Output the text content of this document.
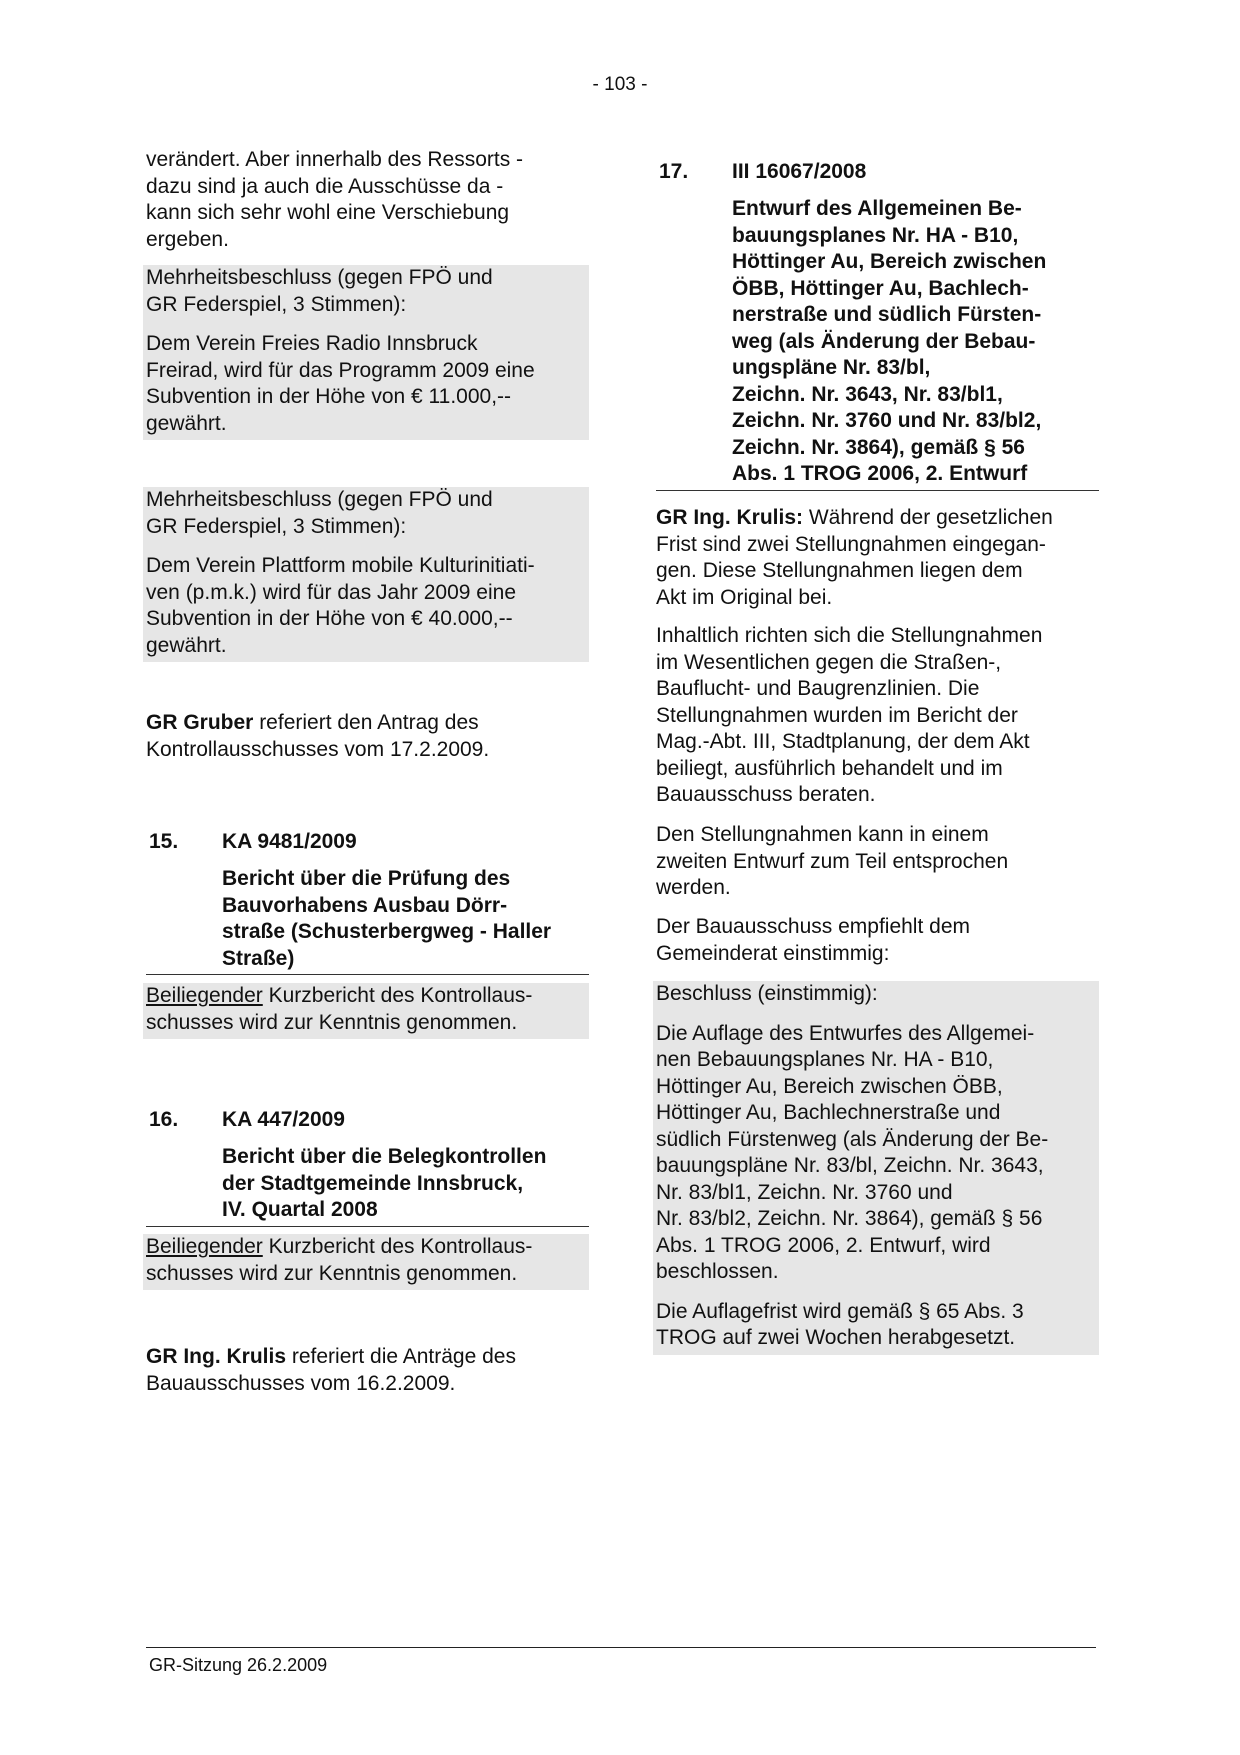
- 103 -
verändert. Aber innerhalb des Ressorts -
dazu sind ja auch die Ausschüsse da -
kann sich sehr wohl eine Verschiebung
ergeben.

Mehrheitsbeschluss (gegen FPÖ und
GR Federspiel, 3 Stimmen):

Dem Verein Freies Radio Innsbruck
Freirad, wird für das Programm 2009 eine
Subvention in der Höhe von € 11.000,--
gewährt.

Mehrheitsbeschluss (gegen FPÖ und
GR Federspiel, 3 Stimmen):

Dem Verein Plattform mobile Kulturinitiati-
ven (p.m.k.) wird für das Jahr 2009 eine
Subvention in der Höhe von € 40.000,--
gewährt.

GR Gruber referiert den Antrag des
Kontrollausschusses vom 17.2.2009.
15. KA 9481/2009
Bericht über die Prüfung des
Bauvorhabens Ausbau Dörr-
straße (Schusterbergweg - Haller
Straße)
Beiliegender Kurzbericht des Kontrollaus-
schusses wird zur Kenntnis genommen.
16. KA 447/2009
Bericht über die Belegkontrollen
der Stadtgemeinde Innsbruck,
IV. Quartal 2008
Beiliegender Kurzbericht des Kontrollaus-
schusses wird zur Kenntnis genommen.
GR Ing. Krulis referiert die Anträge des
Bauausschusses vom 16.2.2009.
17. III 16067/2008
Entwurf des Allgemeinen Be-
bauungsplanes Nr. HA - B10,
Höttinger Au, Bereich zwischen
ÖBB, Höttinger Au, Bachlech-
nerstraße und südlich Fürsten-
weg (als Änderung der Bebau-
ungspläne Nr. 83/bl,
Zeichn. Nr. 3643, Nr. 83/bl1,
Zeichn. Nr. 3760 und Nr. 83/bl2,
Zeichn. Nr. 3864), gemäß § 56
Abs. 1 TROG 2006, 2. Entwurf
GR Ing. Krulis: Während der gesetzlichen
Frist sind zwei Stellungnahmen eingegan-
gen. Diese Stellungnahmen liegen dem
Akt im Original bei.
Inhaltlich richten sich die Stellungnahmen
im Wesentlichen gegen die Straßen-,
Bauflucht- und Baugrenzlinien. Die
Stellungnahmen wurden im Bericht der
Mag.-Abt. III, Stadtplanung, der dem Akt
beiliegt, ausführlich behandelt und im
Bauausschuss beraten.
Den Stellungnahmen kann in einem
zweiten Entwurf zum Teil entsprochen
werden.
Der Bauausschuss empfiehlt dem
Gemeinderat einstimmig:

Beschluss (einstimmig):

Die Auflage des Entwurfes des Allgemei-
nen Bebauungsplanes Nr. HA - B10,
Höttinger Au, Bereich zwischen ÖBB,
Höttinger Au, Bachlechnerstraße und
südlich Fürstenweg (als Änderung der Be-
bauungspläne Nr. 83/bl, Zeichn. Nr. 3643,
Nr. 83/bl1, Zeichn. Nr. 3760 und
Nr. 83/bl2, Zeichn. Nr. 3864), gemäß § 56
Abs. 1 TROG 2006, 2. Entwurf, wird
beschlossen.

Die Auflagefrist wird gemäß § 65 Abs. 3
TROG auf zwei Wochen herabgesetzt.

GR-Sitzung 26.2.2009
